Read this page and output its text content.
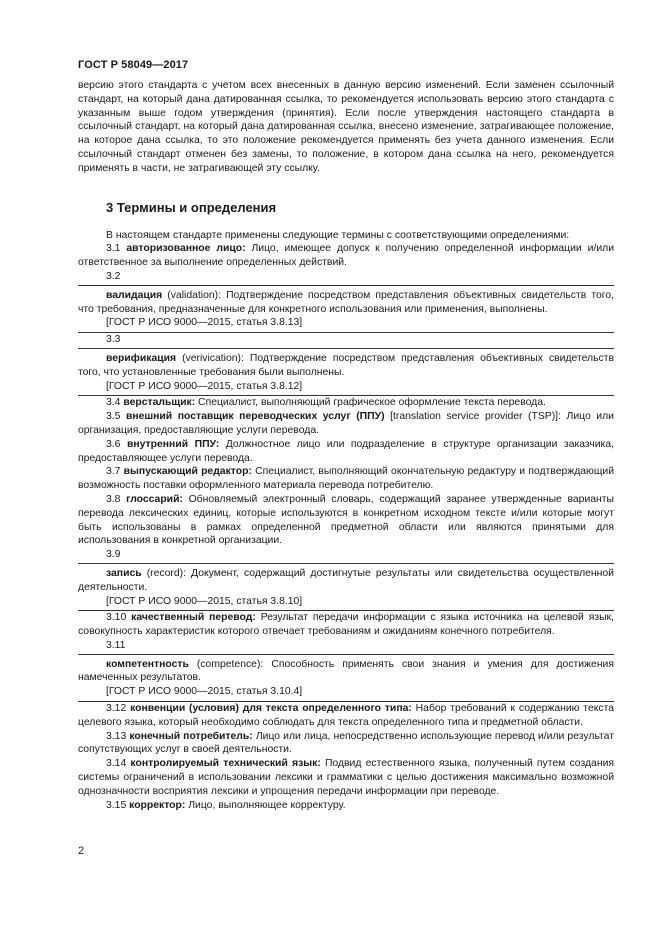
ГОСТ Р 58049—2017

версию этого стандарта с учетом всех внесенных в данную версию изменений. Если заменен ссылочный стандарт, на который дана датированная ссылка, то рекомендуется использовать версию этого стандарта с указанным выше годом утверждения (принятия). Если после утверждения настоящего стандарта в ссылочный стандарт, на который дана датированная ссылка, внесено изменение, затрагивающее положение, на которое дана ссылка, то это положение рекомендуется применять без учета данного изменения. Если ссылочный стандарт отменен без замены, то положение, в котором дана ссылка на него, рекомендуется применять в части, не затрагивающей эту ссылку.

3 Термины и определения

В настоящем стандарте применены следующие термины с соответствующими определениями:

3.1 авторизованное лицо: Лицо, имеющее допуск к получению определенной информации и/или ответственное за выполнение определенных действий.

3.2

валидация (validation): Подтверждение посредством представления объективных свидетельств того, что требования, предназначенные для конкретного использования или применения, выполнены.

[ГОСТ Р ИСО 9000—2015, статья 3.8.13]
3.3

верификация (verivication): Подтверждение посредством представления объективных свидетельств того, что установленные требования были выполнены.

[ГОСТ Р ИСО 9000—2015, статья 3.8.12]

3.4 верстальщик: Специалист, выполняющий графическое оформление текста перевода.

3.5 внешний поставщик переводческих услуг (ППУ) [translation service provider (TSP)]: Лицо или организация, предоставляющие услуги перевода.

3.6 внутренний ППУ: Должностное лицо или подразделение в структуре организации заказчика, предоставляющее услуги перевода.

3.7 выпускающий редактор: Специалист, выполняющий окончательную редактуру и подтверждающий возможность поставки оформленного материала перевода потребителю.

3.8 глоссарий: Обновляемый электронный словарь, содержащий заранее утвержденные варианты перевода лексических единиц, которые используются в конкретном исходном тексте и/или которые могут быть использованы в рамках определенной предметной области или являются принятыми для использования в конкретной организации.

3.9

запись (record): Документ, содержащий достигнутые результаты или свидетельства осуществленной деятельности.

[ГОСТ Р ИСО 9000—2015, статья 3.8.10]

3.10 качественный перевод: Результат передачи информации с языка источника на целевой язык, совокупность характеристик которого отвечает требованиям и ожиданиям конечного потребителя.

3.11

компетентность (competence): Способность применять свои знания и умения для достижения намеченных результатов.

[ГОСТ Р ИСО 9000—2015, статья 3.10.4]

3.12 конвенции (условия) для текста определенного типа: Набор требований к содержанию текста целевого языка, который необходимо соблюдать для текста определенного типа и предметной области.

3.13 конечный потребитель: Лицо или лица, непосредственно использующие перевод и/или результат сопутствующих услуг в своей деятельности.

3.14 контролируемый технический язык: Подвид естественного языка, полученный путем создания системы ограничений в использовании лексики и грамматики с целью достижения максимально возможной однозначности восприятия лексики и упрощения передачи информации при переводе.

3.15 корректор: Лицо, выполняющее корректуру.

2
